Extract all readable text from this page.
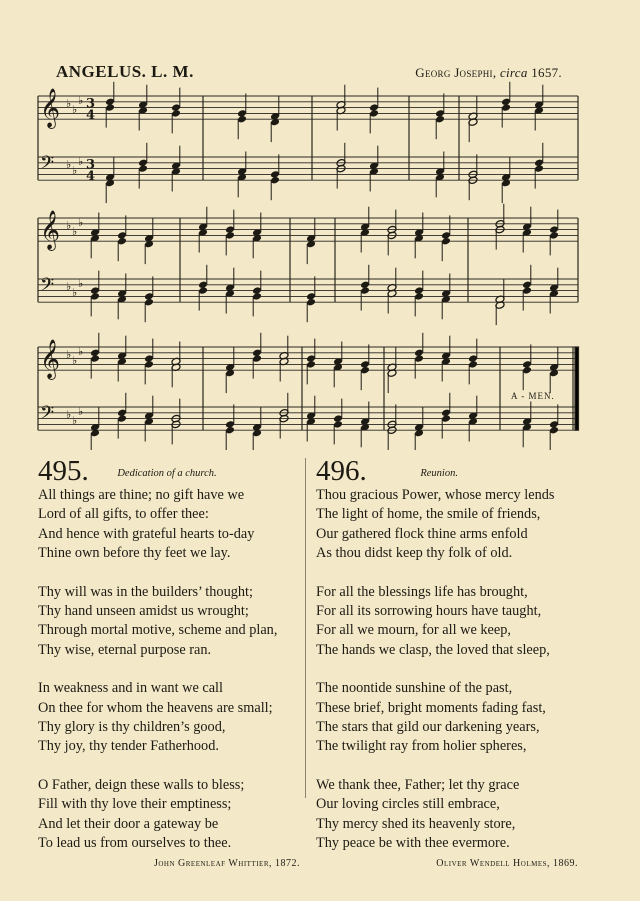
ANGELUS. L. M.	Georg Josephi, circa 1657.
𝄞 ♭ ♭
♭ 3
4
𝄢 ♭ ♭
♭ 3
4
𝄞 ♭ ♭
♭
𝄢 ♭ ♭
♭
𝄞 ♭ ♭
♭
𝄢 ♭ ♭
♭
A - MEN.
495.	Dedication of a church.
All things are thine; no gift have we
Lord of all gifts, to offer thee:
And hence with grateful hearts to-day
Thine own before thy feet we lay.
Thy will was in the builders’ thought;
Thy hand unseen amidst us wrought;
Through mortal motive, scheme and plan,
Thy wise, eternal purpose ran.
In weakness and in want we call
On thee for whom the heavens are small;
Thy glory is thy children’s good,
Thy joy, thy tender Fatherhood.
O Father, deign these walls to bless;
Fill with thy love their emptiness;
And let their door a gateway be
To lead us from ourselves to thee.
John Greenleaf Whittier, 1872.
496.	Reunion.
Thou gracious Power, whose mercy lends
The light of home, the smile of friends,
Our gathered flock thine arms enfold
As thou didst keep thy folk of old.
For all the blessings life has brought,
For all its sorrowing hours have taught,
For all we mourn, for all we keep,
The hands we clasp, the loved that sleep,
The noontide sunshine of the past,
These brief, bright moments fading fast,
The stars that gild our darkening years,
The twilight ray from holier spheres,
We thank thee, Father; let thy grace
Our loving circles still embrace,
Thy mercy shed its heavenly store,
Thy peace be with thee evermore.
Oliver Wendell Holmes, 1869.
